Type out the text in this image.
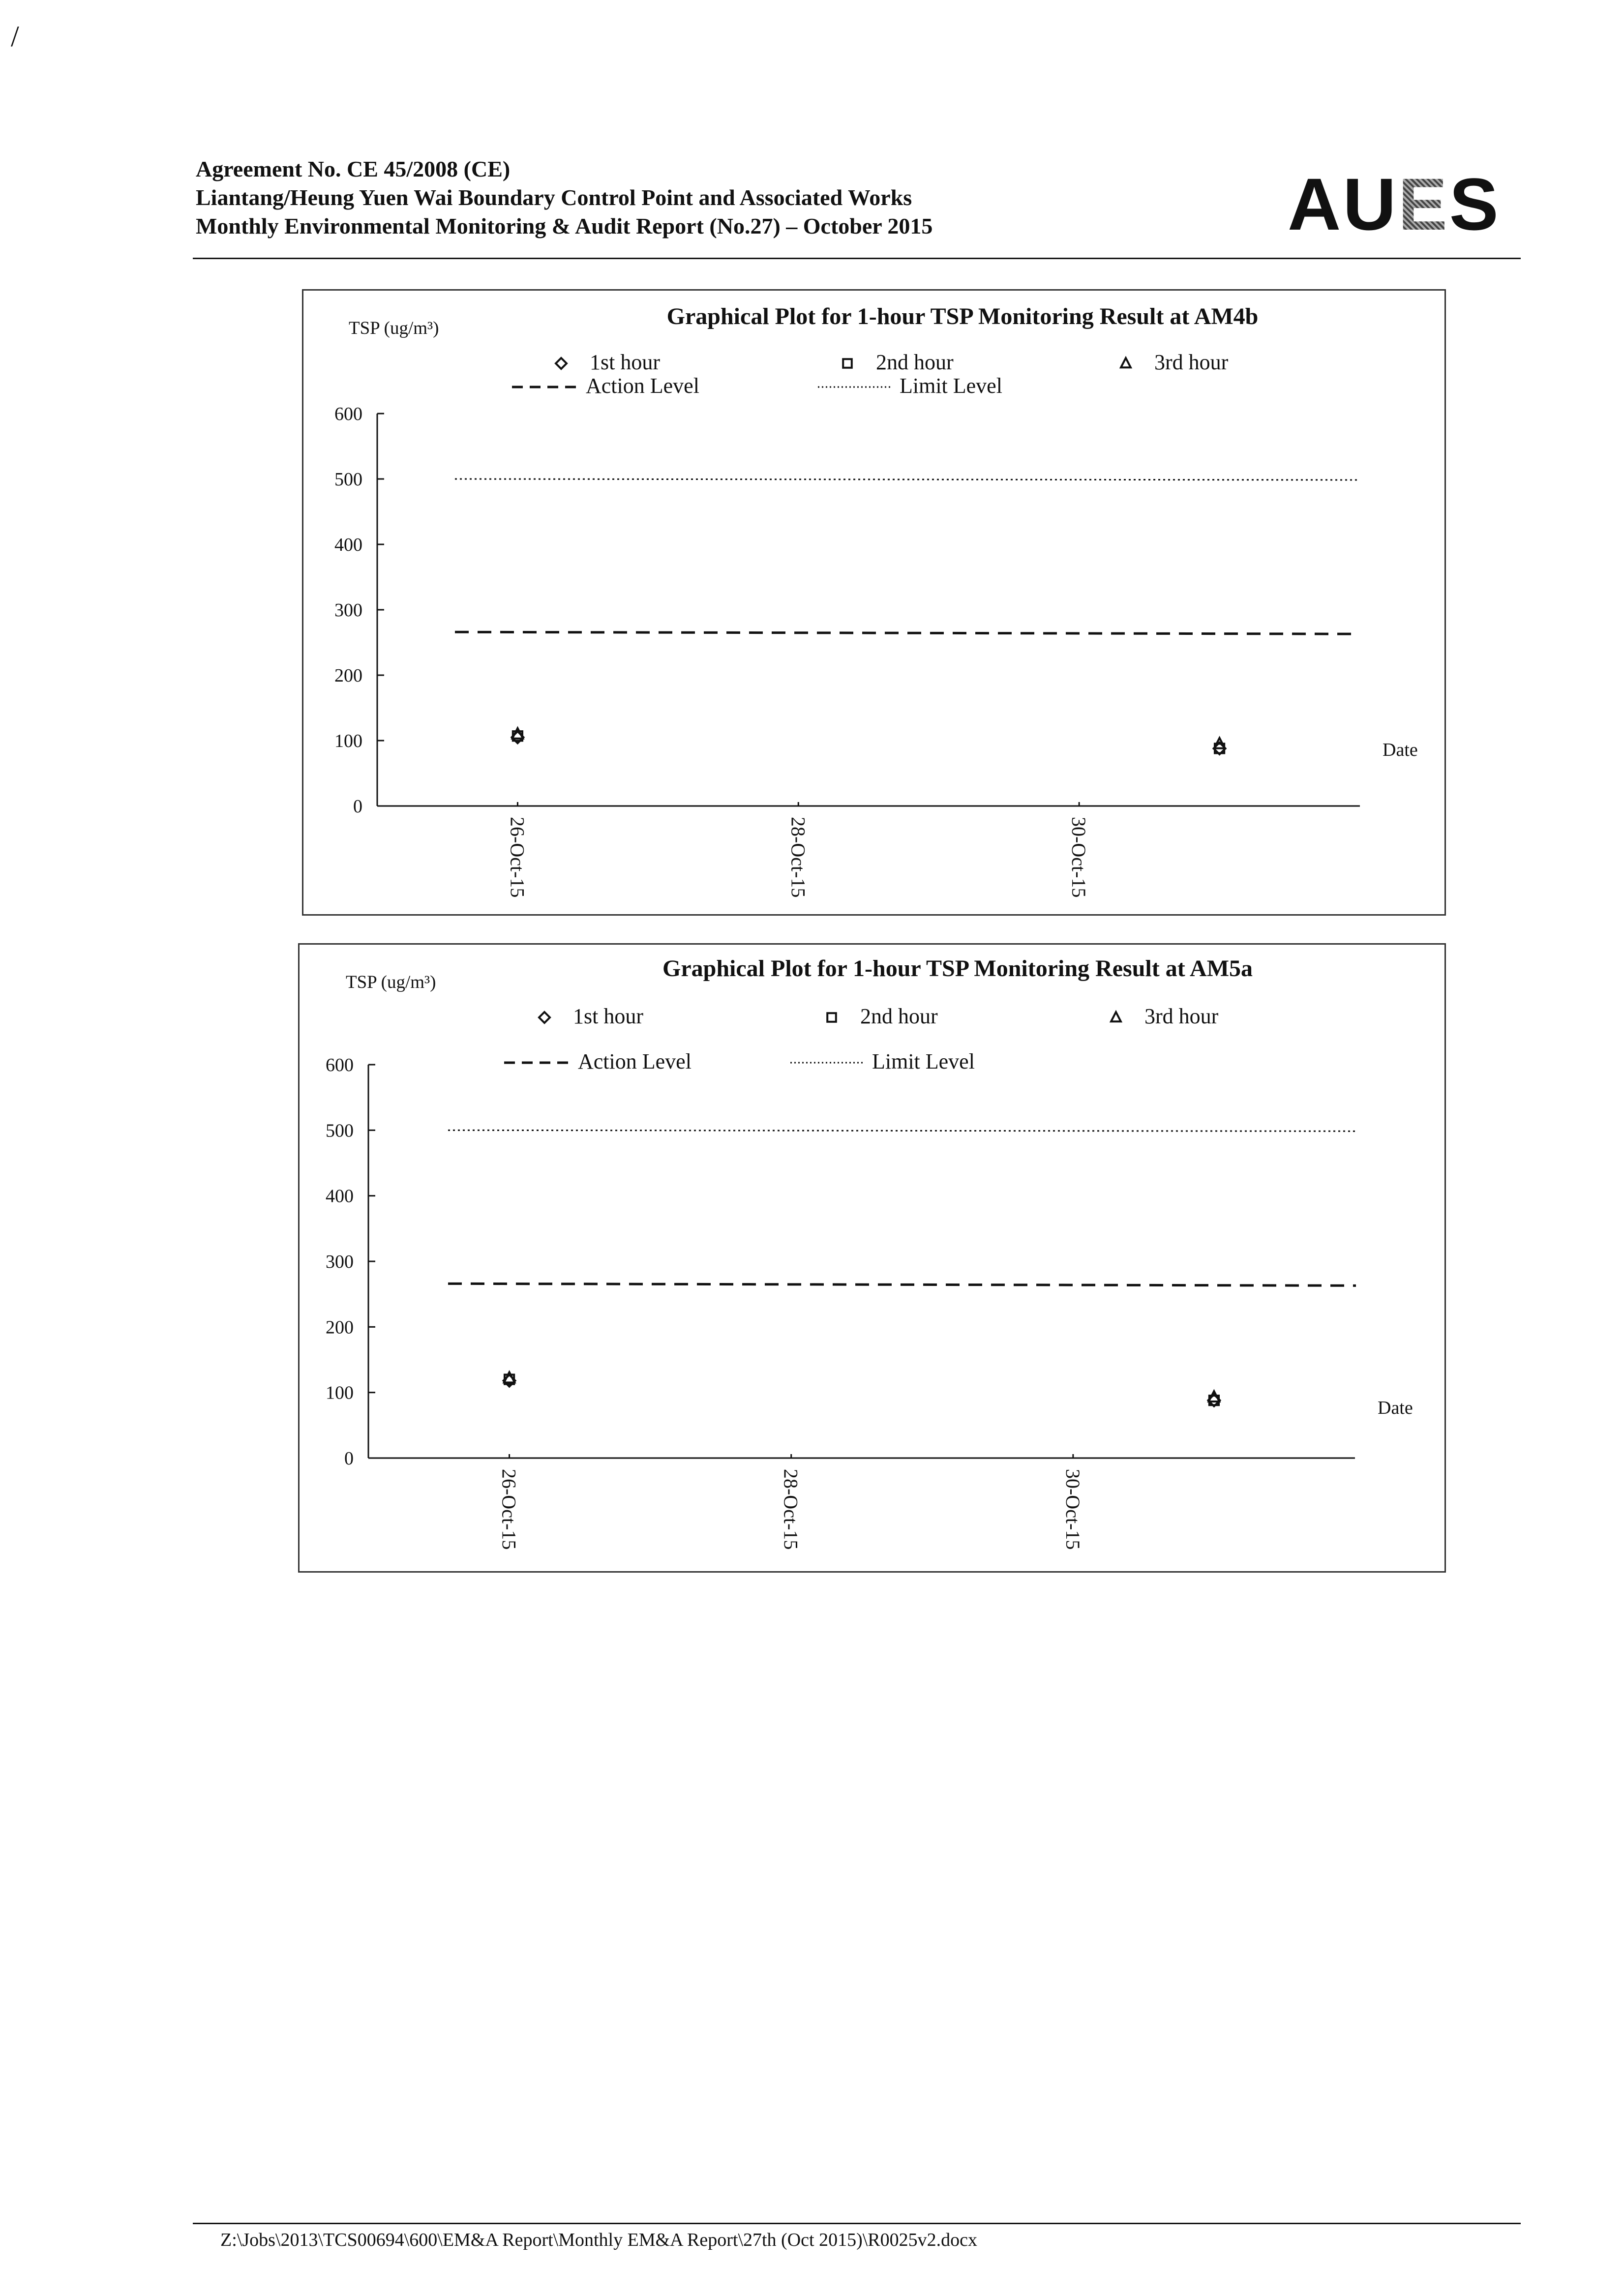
/
Agreement No. CE 45/2008 (CE)
Liantang/Heung Yuen Wai Boundary Control Point and Associated Works
Monthly Environmental Monitoring & Audit Report (No.27) – October 2015	AUES
Graphical Plot for 1-hour TSP Monitoring Result at AM4b
TSP (ug/m³)
Date
0
100
200
300
400
500
600
26-Oct-15	28-Oct-15	30-Oct-15
1st hour	2nd hour	3rd hour
Action Level	Limit Level
Graphical Plot for 1-hour TSP Monitoring Result at AM5a
TSP (ug/m³)
Date
0
100
200
300
400
500
600
26-Oct-15	28-Oct-15	30-Oct-15
1st hour	2nd hour	3rd hour
Action Level	Limit Level
Z:\Jobs\2013\TCS00694\600\EM&A Report\Monthly EM&A Report\27th (Oct 2015)\R0025v2.docx
